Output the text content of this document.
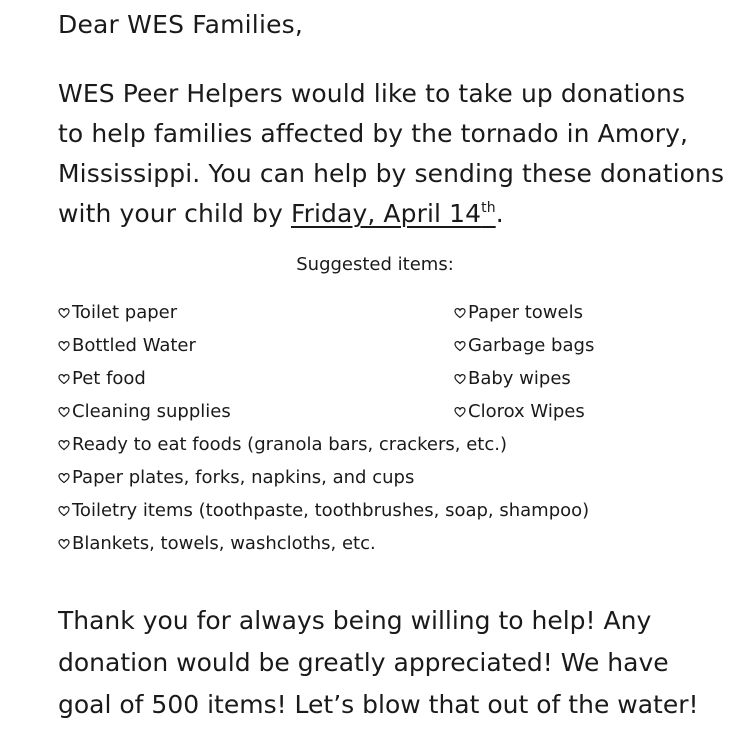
Dear WES Families,
WES Peer Helpers would like to take up donations
to help families affected by the tornado in Amory,
Mississippi. You can help by sending these donations
with your child by Friday, April 14th.
Suggested items:
Toilet paper	Paper towels
Bottled Water	Garbage bags
Pet food	Baby wipes
Cleaning supplies	Clorox Wipes
Ready to eat foods (granola bars, crackers, etc.)
Paper plates, forks, napkins, and cups
Toiletry items (toothpaste, toothbrushes, soap, shampoo)
Blankets, towels, washcloths, etc.
Thank you for always being willing to help! Any
donation would be greatly appreciated! We have
goal of 500 items! Let’s blow that out of the water!
